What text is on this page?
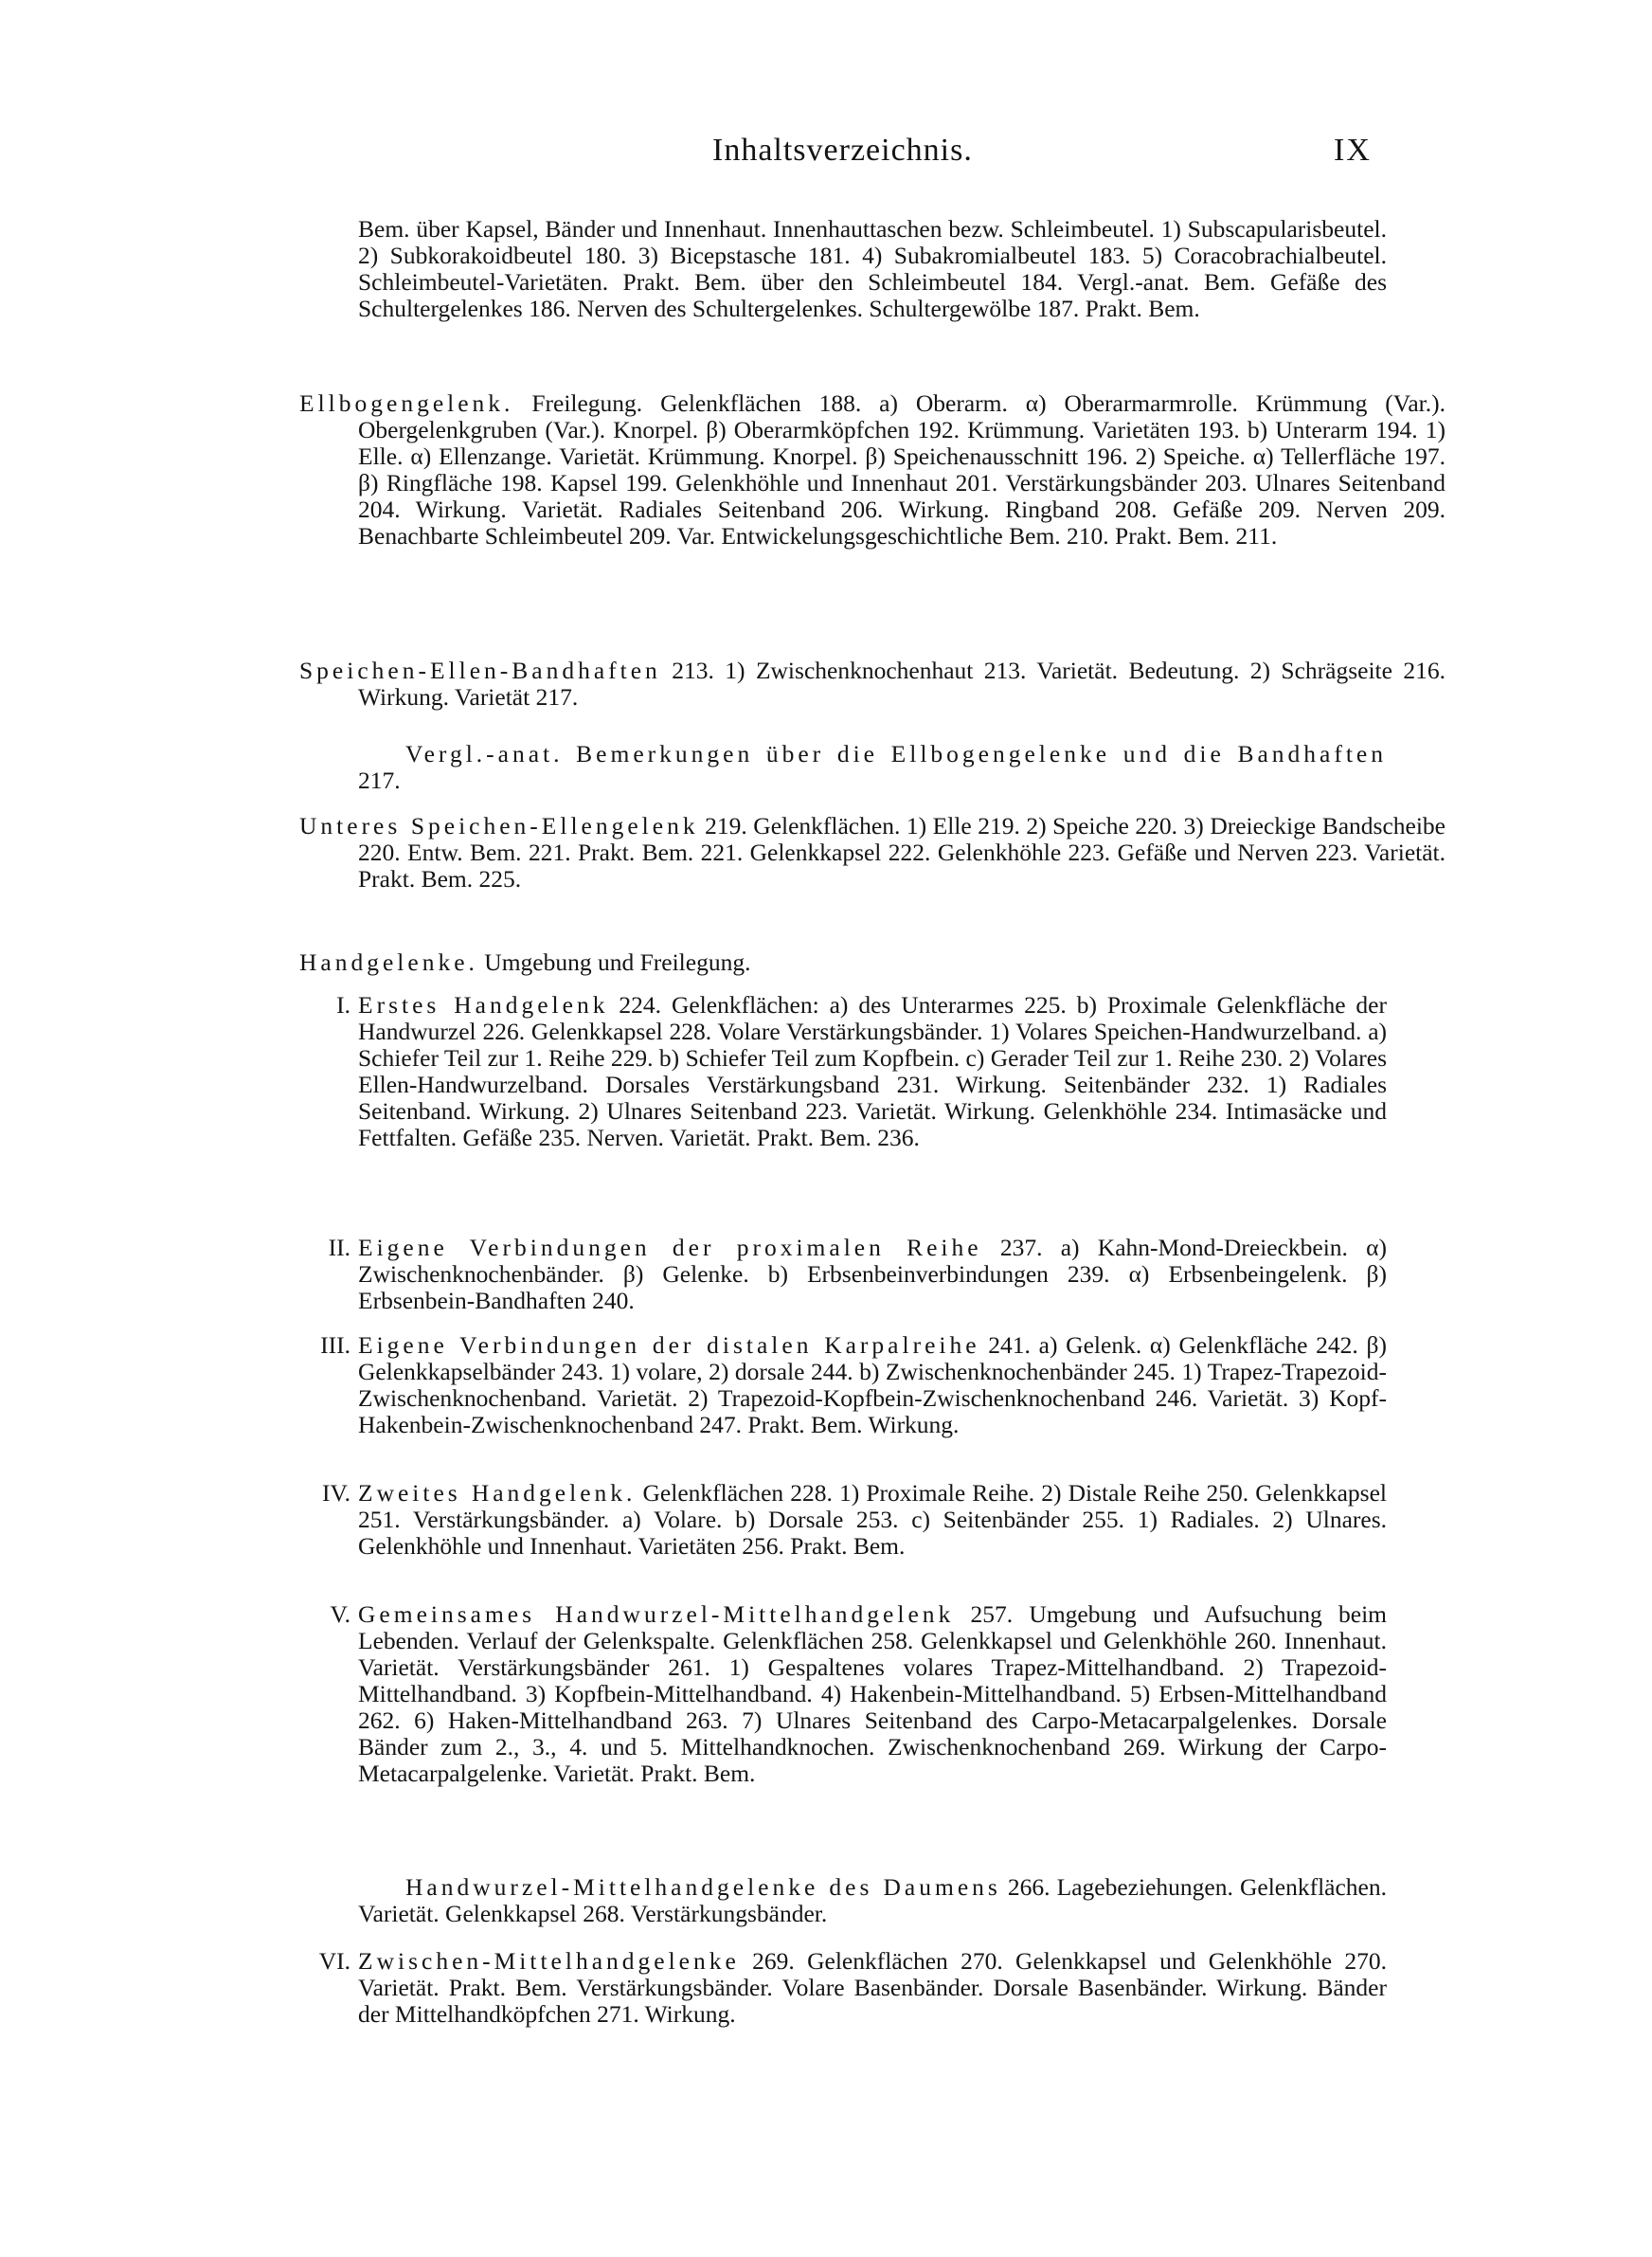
Inhaltsverzeichnis.	IX
Bem. über Kapsel, Bänder und Innenhaut. Innenhauttaschen bezw. Schleimbeutel. 1) Subscapularisbeutel. 2) Subkorakoidbeutel 180. 3) Bicepstasche 181. 4) Subakromialbeutel 183. 5) Coracobrachialbeutel. Schleimbeutel-Varietäten. Prakt. Bem. über den Schleimbeutel 184. Vergl.-anat. Bem. Gefäße des Schultergelenkes 186. Nerven des Schultergelenkes. Schultergewölbe 187. Prakt. Bem.
Ellbogengelenk. Freilegung. Gelenkflächen 188. a) Oberarm. α) Oberarmarmrolle. Krümmung (Var.). Obergelenkgruben (Var.). Knorpel. β) Oberarmköpfchen 192. Krümmung. Varietäten 193. b) Unterarm 194. 1) Elle. α) Ellenzange. Varietät. Krümmung. Knorpel. β) Speichenausschnitt 196. 2) Speiche. α) Tellerfläche 197. β) Ringfläche 198. Kapsel 199. Gelenkhöhle und Innenhaut 201. Verstärkungsbänder 203. Ulnares Seitenband 204. Wirkung. Varietät. Radiales Seitenband 206. Wirkung. Ringband 208. Gefäße 209. Nerven 209. Benachbarte Schleimbeutel 209. Var. Entwickelungsgeschichtliche Bem. 210. Prakt. Bem. 211.
Speichen-Ellen-Bandhaften 213. 1) Zwischenknochenhaut 213. Varietät. Bedeutung. 2) Schrägseite 216. Wirkung. Varietät 217.
Vergl.-anat. Bemerkungen über die Ellbogengelenke und die Bandhaften 217.
Unteres Speichen-Ellengelenk 219. Gelenkflächen. 1) Elle 219. 2) Speiche 220. 3) Dreieckige Bandscheibe 220. Entw. Bem. 221. Prakt. Bem. 221. Gelenkkapsel 222. Gelenkhöhle 223. Gefäße und Nerven 223. Varietät. Prakt. Bem. 225.
Handgelenke. Umgebung und Freilegung.
I. Erstes Handgelenk 224. Gelenkflächen: a) des Unterarmes 225. b) Proximale Gelenkfläche der Handwurzel 226. Gelenkkapsel 228. Volare Verstärkungsbänder. 1) Volares Speichen-Handwurzelband. a) Schiefer Teil zur 1. Reihe 229. b) Schiefer Teil zum Kopfbein. c) Gerader Teil zur 1. Reihe 230. 2) Volares Ellen-Handwurzelband. Dorsales Verstärkungsband 231. Wirkung. Seitenbänder 232. 1) Radiales Seitenband. Wirkung. 2) Ulnares Seitenband 223. Varietät. Wirkung. Gelenkhöhle 234. Intimasäcke und Fettfalten. Gefäße 235. Nerven. Varietät. Prakt. Bem. 236.
II. Eigene Verbindungen der proximalen Reihe 237. a) Kahn-Mond-Dreieckbein. α) Zwischenknochenbänder. β) Gelenke. b) Erbsenbeinverbindungen 239. α) Erbsenbeingelenk. β) Erbsenbein-Bandhaften 240.
III. Eigene Verbindungen der distalen Karpalreihe 241. a) Gelenk. α) Gelenkfläche 242. β) Gelenkkapselbänder 243. 1) volare, 2) dorsale 244. b) Zwischenknochenbänder 245. 1) Trapez-Trapezoid-Zwischenknochenband. Varietät. 2) Trapezoid-Kopfbein-Zwischenknochenband 246. Varietät. 3) Kopf-Hakenbein-Zwischenknochenband 247. Prakt. Bem. Wirkung.
IV. Zweites Handgelenk. Gelenkflächen 228. 1) Proximale Reihe. 2) Distale Reihe 250. Gelenkkapsel 251. Verstärkungsbänder. a) Volare. b) Dorsale 253. c) Seitenbänder 255. 1) Radiales. 2) Ulnares. Gelenkhöhle und Innenhaut. Varietäten 256. Prakt. Bem.
V. Gemeinsames Handwurzel-Mittelhandgelenk 257. Umgebung und Aufsuchung beim Lebenden. Verlauf der Gelenkspalte. Gelenkflächen 258. Gelenkkapsel und Gelenkhöhle 260. Innenhaut. Varietät. Verstärkungsbänder 261. 1) Gespaltenes volares Trapez-Mittelhandband. 2) Trapezoid-Mittelhandband. 3) Kopfbein-Mittelhandband. 4) Hakenbein-Mittelhandband. 5) Erbsen-Mittelhandband 262. 6) Haken-Mittelhandband 263. 7) Ulnares Seitenband des Carpo-Metacarpalgelenkes. Dorsale Bänder zum 2., 3., 4. und 5. Mittelhandknochen. Zwischenknochenband 269. Wirkung der Carpo-Metacarpalgelenke. Varietät. Prakt. Bem.
Handwurzel-Mittelhandgelenke des Daumens 266. Lagebeziehungen. Gelenkflächen. Varietät. Gelenkkapsel 268. Verstärkungsbänder.
VI. Zwischen-Mittelhandgelenke 269. Gelenkflächen 270. Gelenkkapsel und Gelenkhöhle 270. Varietät. Prakt. Bem. Verstärkungsbänder. Volare Basenbänder. Dorsale Basenbänder. Wirkung. Bänder der Mittelhandköpfchen 271. Wirkung.
